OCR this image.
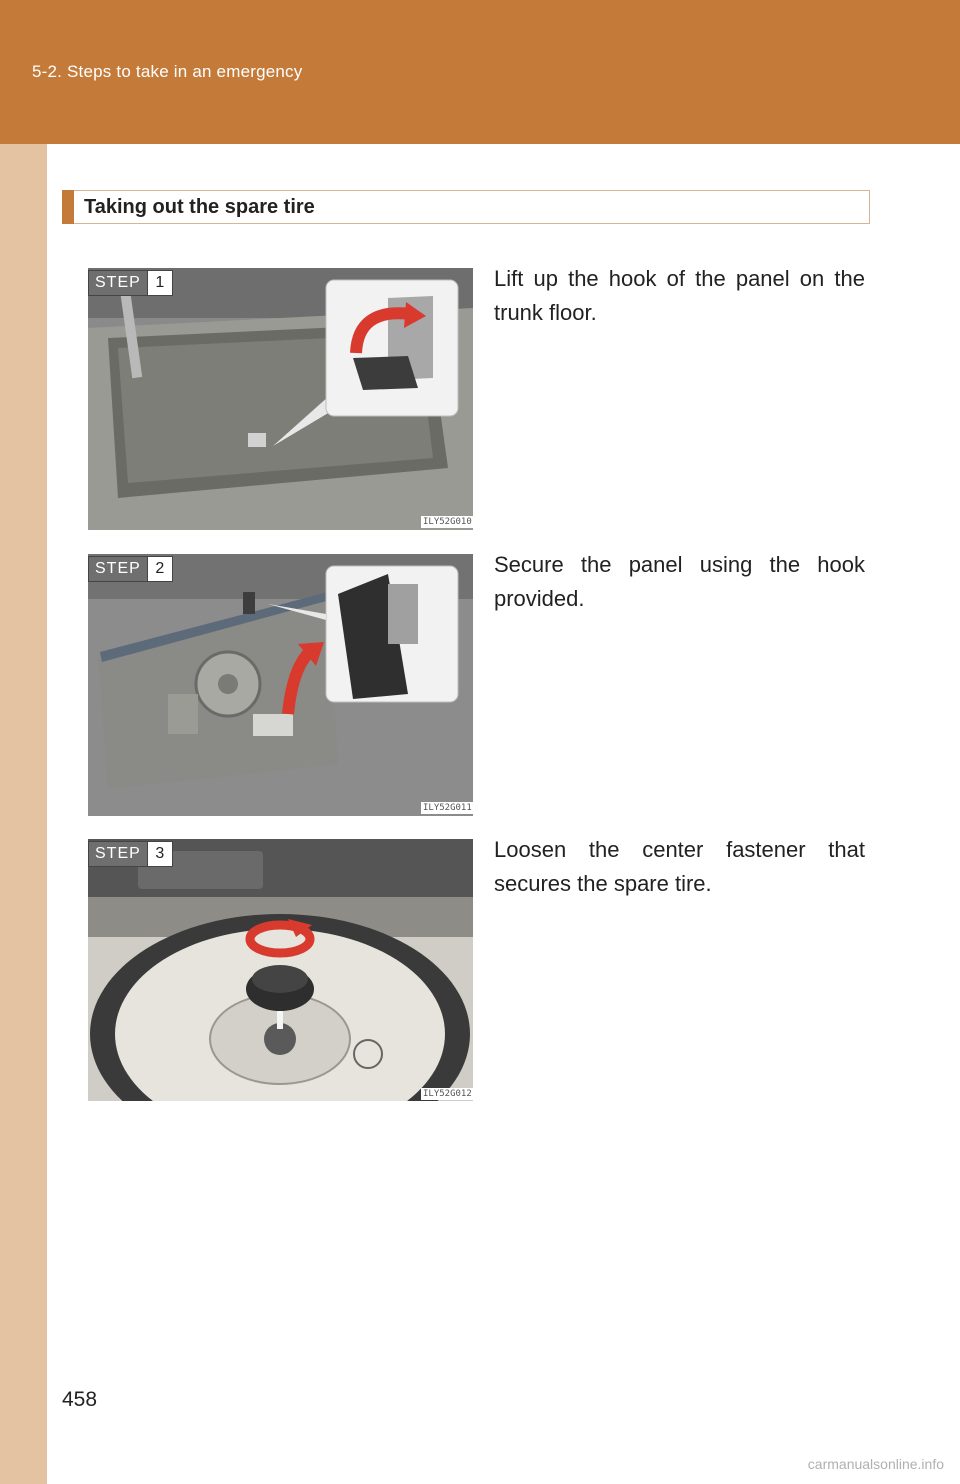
5-2. Steps to take in an emergency
Taking out the spare tire
STEP 1
ILY52G010
Lift up the hook of the panel on the trunk floor.
STEP 2
ILY52G011
Secure the panel using the hook provided.
STEP 3
ILY52G012
Loosen the center fastener that secures the spare tire.
458
carmanualsonline.info
